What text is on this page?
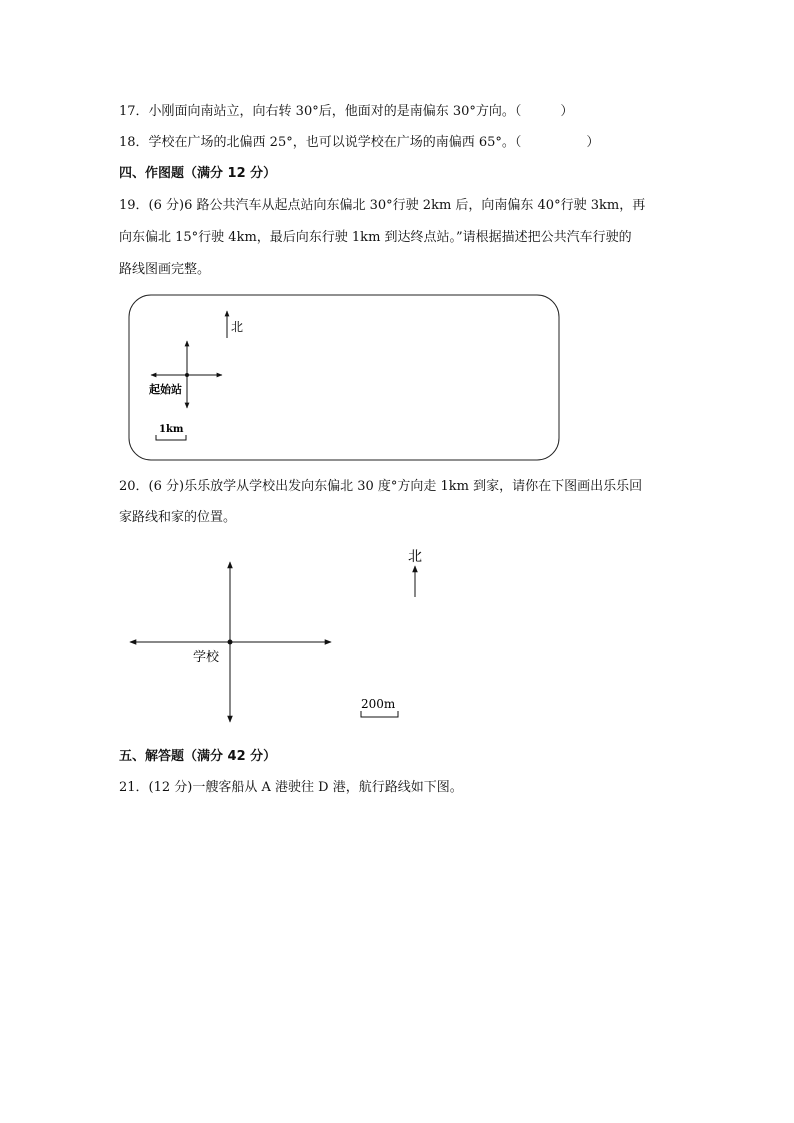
17．小刚面向南站立，向右转 30°后，他面对的是南偏东 30°方向。（　　　）
18．学校在广场的北偏西 25°，也可以说学校在广场的南偏西 65°。（　　　　　）
四、作图题（满分 12 分）
19．(6 分)6 路公共汽车从起点站向东偏北 30°行驶 2km 后，向南偏东 40°行驶 3km，再
向东偏北 15°行驶 4km，最后向东行驶 1km 到达终点站。”请根据描述把公共汽车行驶的
路线图画完整。
北
起始站
1km
20．(6 分)乐乐放学从学校出发向东偏北 30 度°方向走 1km 到家，请你在下图画出乐乐回
家路线和家的位置。
学校
北
200m
五、解答题（满分 42 分）
21．(12 分)一艘客船从 A 港驶往 D 港，航行路线如下图。
